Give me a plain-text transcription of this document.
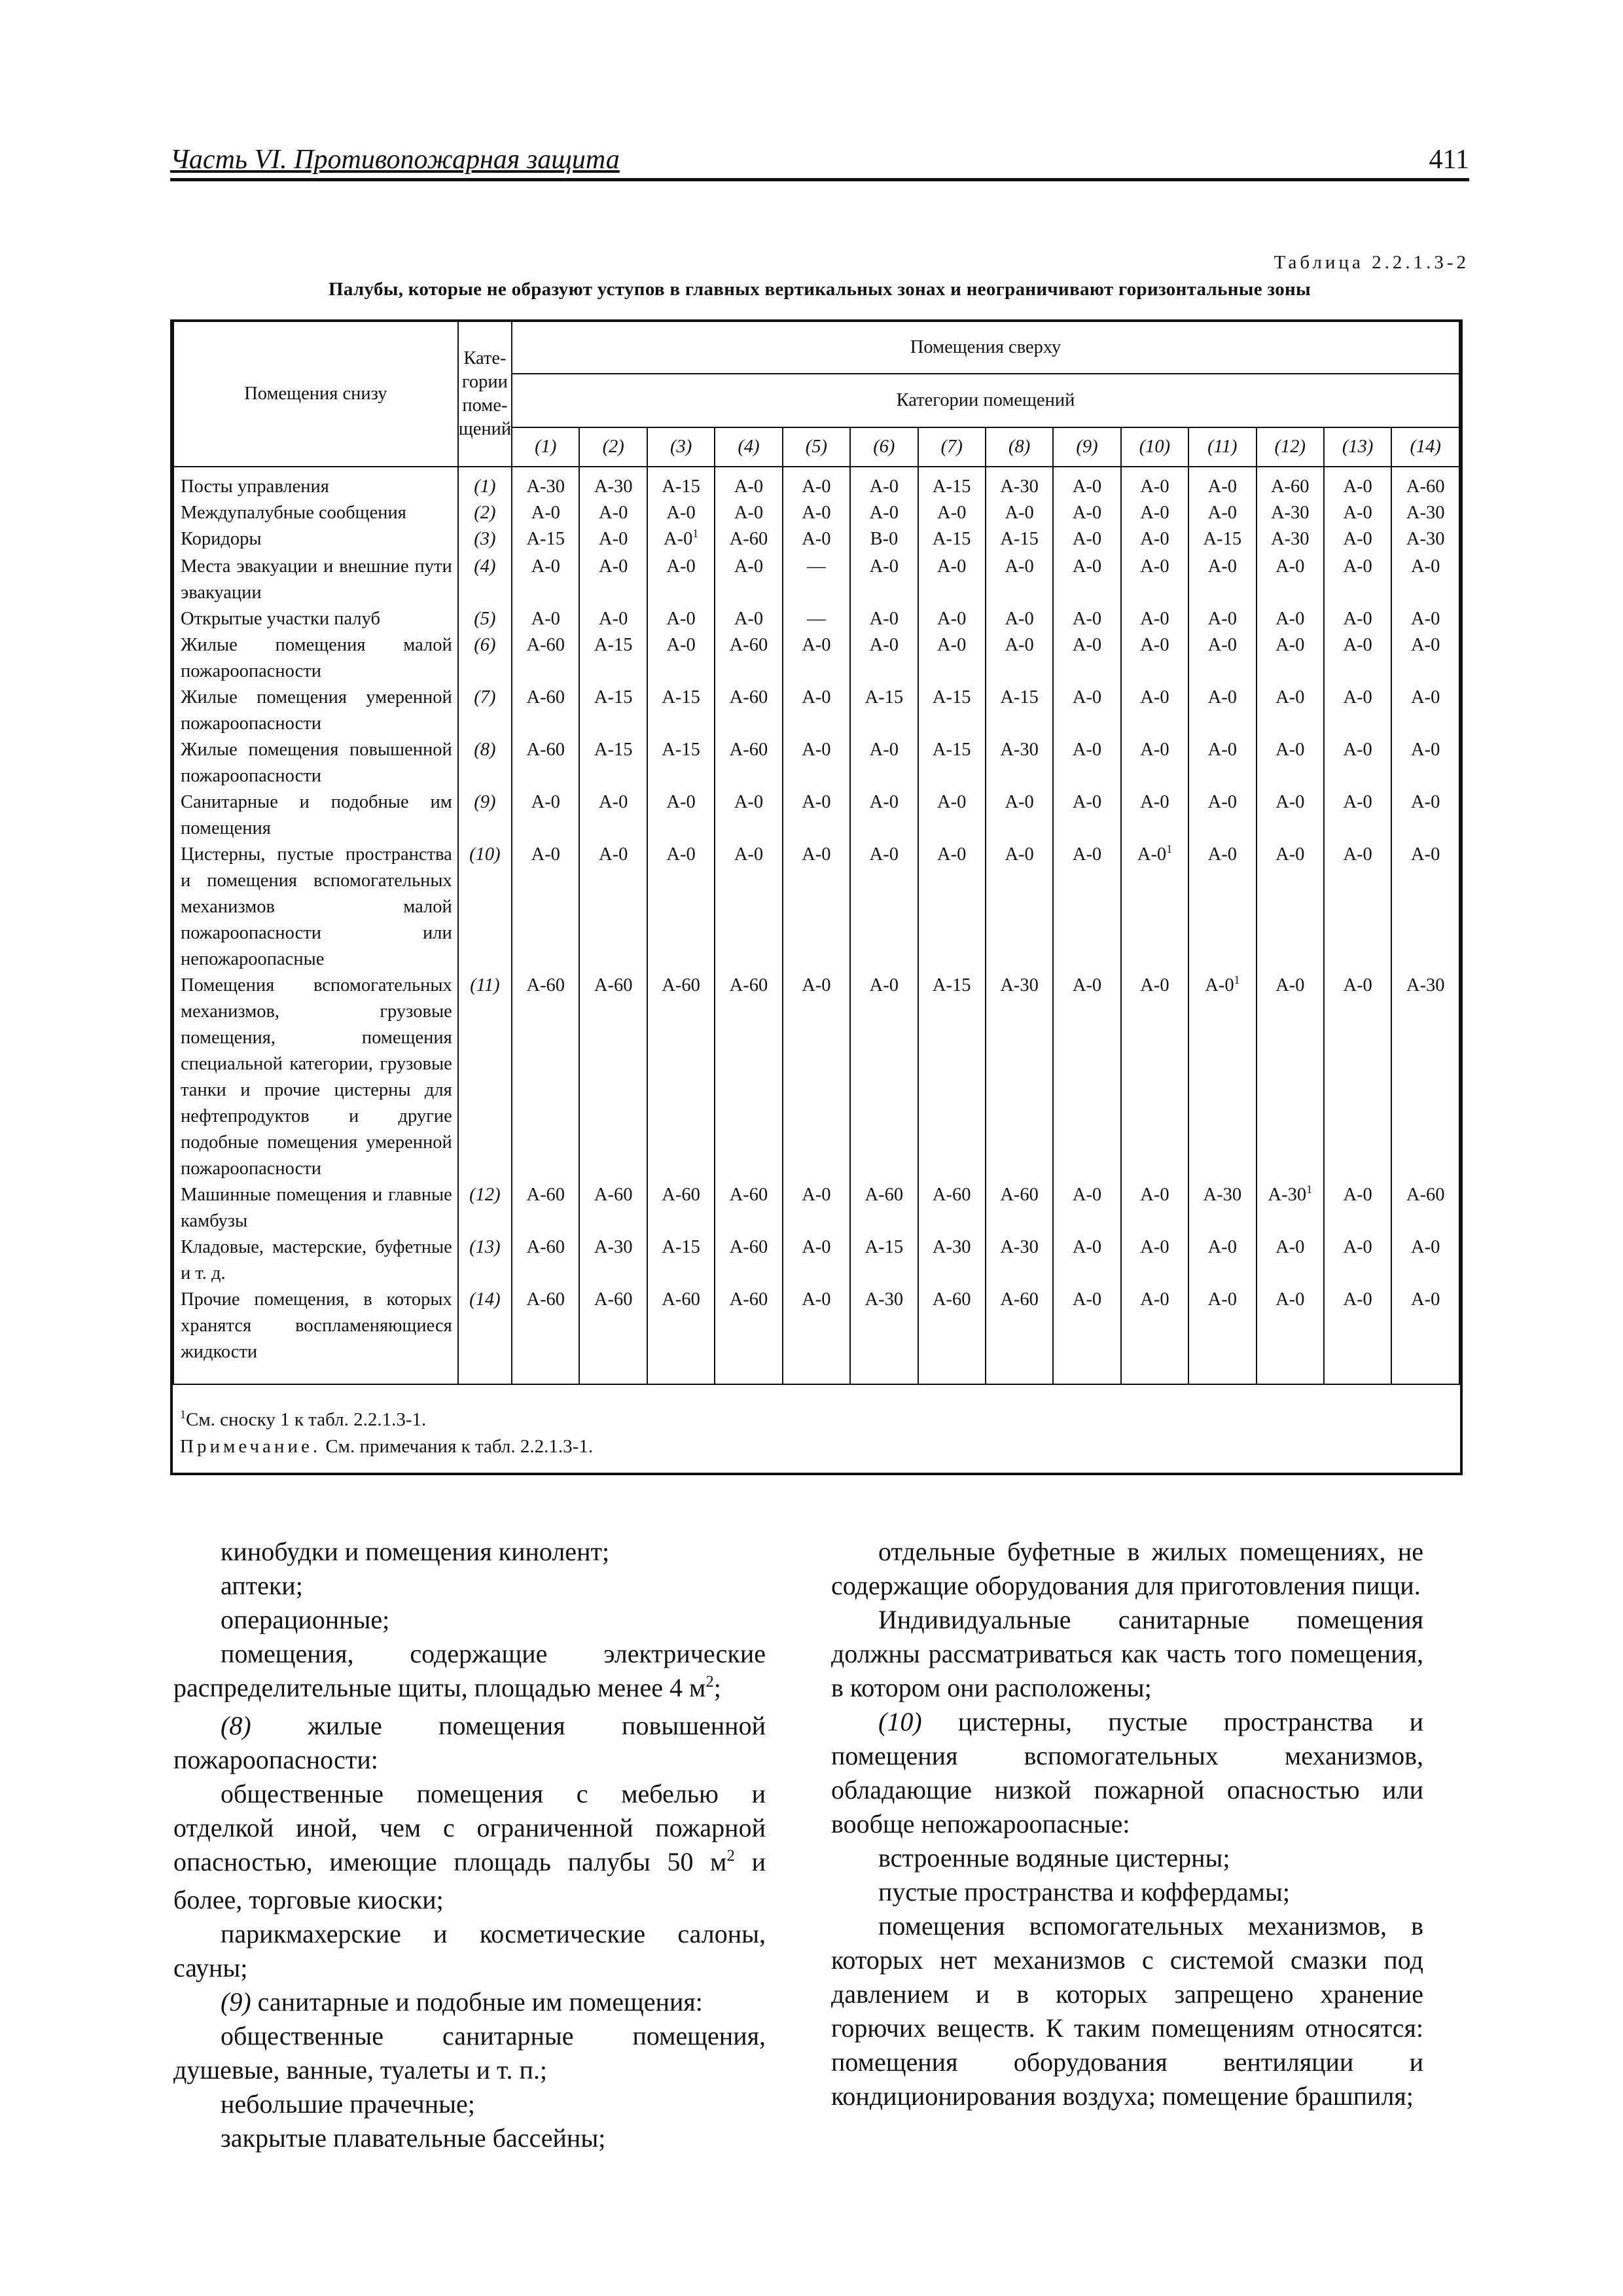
Часть VI. Противопожарная защита	411
Таблица 2.2.1.3-2
Палубы, которые не образуют уступов в главных вертикальных зонах и неограничивают горизонтальные зоны
Помещения снизу	Кате-
гории
поме-
щений	Помещения сверху													
		Категории помещений													
		(1)	(2)	(3)	(4)	(5)	(6)	(7)	(8)	(9)	(10)	(11)	(12)	(13)	(14)
Посты управления	(1)	A-30	A-30	A-15	A-0	A-0	A-0	A-15	A-30	A-0	A-0	A-0	A-60	A-0	A-60
Междупалубные сообщения	(2)	A-0	A-0	A-0	A-0	A-0	A-0	A-0	A-0	A-0	A-0	A-0	A-30	A-0	A-30
Коридоры	(3)	A-15	A-0	$A-0^1$	A-60	A-0	B-0	A-15	A-15	A-0	A-0	A-15	A-30	A-0	A-30
Места эвакуации и внешние пути эвакуации	(4)	A-0	A-0	A-0	A-0	—	A-0	A-0	A-0	A-0	A-0	A-0	A-0	A-0	A-0
Открытые участки палуб	(5)	A-0	A-0	A-0	A-0	—	A-0	A-0	A-0	A-0	A-0	A-0	A-0	A-0	A-0
Жилые помещения малой пожароопасности	(6)	A-60	A-15	A-0	A-60	A-0	A-0	A-0	A-0	A-0	A-0	A-0	A-0	A-0	A-0
Жилые помещения умеренной пожароопасности	(7)	A-60	A-15	A-15	A-60	A-0	A-15	A-15	A-15	A-0	A-0	A-0	A-0	A-0	A-0
Жилые помещения повышенной пожароопасности	(8)	A-60	A-15	A-15	A-60	A-0	A-0	A-15	A-30	A-0	A-0	A-0	A-0	A-0	A-0
Санитарные и подобные им помещения	(9)	A-0	A-0	A-0	A-0	A-0	A-0	A-0	A-0	A-0	A-0	A-0	A-0	A-0	A-0
Цистерны, пустые пространства и помещения вспомогательных механизмов малой пожароопасности или непожароопасные	(10)	A-0	A-0	A-0	A-0	A-0	A-0	A-0	A-0	A-0	$A-0^1$	A-0	A-0	A-0	A-0
Помещения вспомогательных механизмов, грузовые помещения, помещения специальной категории, грузовые танки и прочие цистерны для нефтепродуктов и другие подобные помещения умеренной пожароопасности	(11)	A-60	A-60	A-60	A-60	A-0	A-0	A-15	A-30	A-0	A-0	$A-0^1$	A-0	A-0	A-30
Машинные помещения и главные камбузы	(12)	A-60	A-60	A-60	A-60	A-0	A-60	A-60	A-60	A-0	A-0	A-30	$A-30^1$	A-0	A-60
Кладовые, мастерские, буфетные и т. д.	(13)	A-60	A-30	A-15	A-60	A-0	A-15	A-30	A-30	A-0	A-0	A-0	A-0	A-0	A-0
Прочие помещения, в которых хранятся воспламеняющиеся жидкости	(14)	A-60	A-60	A-60	A-60	A-0	A-30	A-60	A-60	A-0	A-0	A-0	A-0	A-0	A-0

$^1$См. сноску 1 к табл. 2.2.1.3-1.
Примечание. См. примечания к табл. 2.2.1.3-1.

кинобудки и помещения кинолент;

аптеки;

операционные;

помещения, содержащие электрические распределительные щиты, площадью менее 4 $м^2$;

(8) жилые помещения повышенной пожароопасности:

общественные помещения с мебелью и отделкой иной, чем с ограниченной пожарной опасностью, имеющие площадь палубы 50 $м^2$ и более, торговые киоски;

парикмахерские и косметические салоны, сауны;

(9) санитарные и подобные им помещения:

общественные санитарные помещения, душевые, ванные, туалеты и т. п.;

небольшие прачечные;

закрытые плавательные бассейны;

отдельные буфетные в жилых помещениях, не содержащие оборудования для приготовления пищи.

Индивидуальные санитарные помещения должны рассматриваться как часть того помещения, в котором они расположены;

(10) цистерны, пустые пространства и помещения вспомогательных механизмов, обладающие низкой пожарной опасностью или вообще непожароопасные:

встроенные водяные цистерны;

пустые пространства и коффердамы;

помещения вспомогательных механизмов, в которых нет механизмов с системой смазки под давлением и в которых запрещено хранение горючих веществ. К таким помещениям относятся: помещения оборудования вентиляции и кондиционирования воздуха; помещение брашпиля;
